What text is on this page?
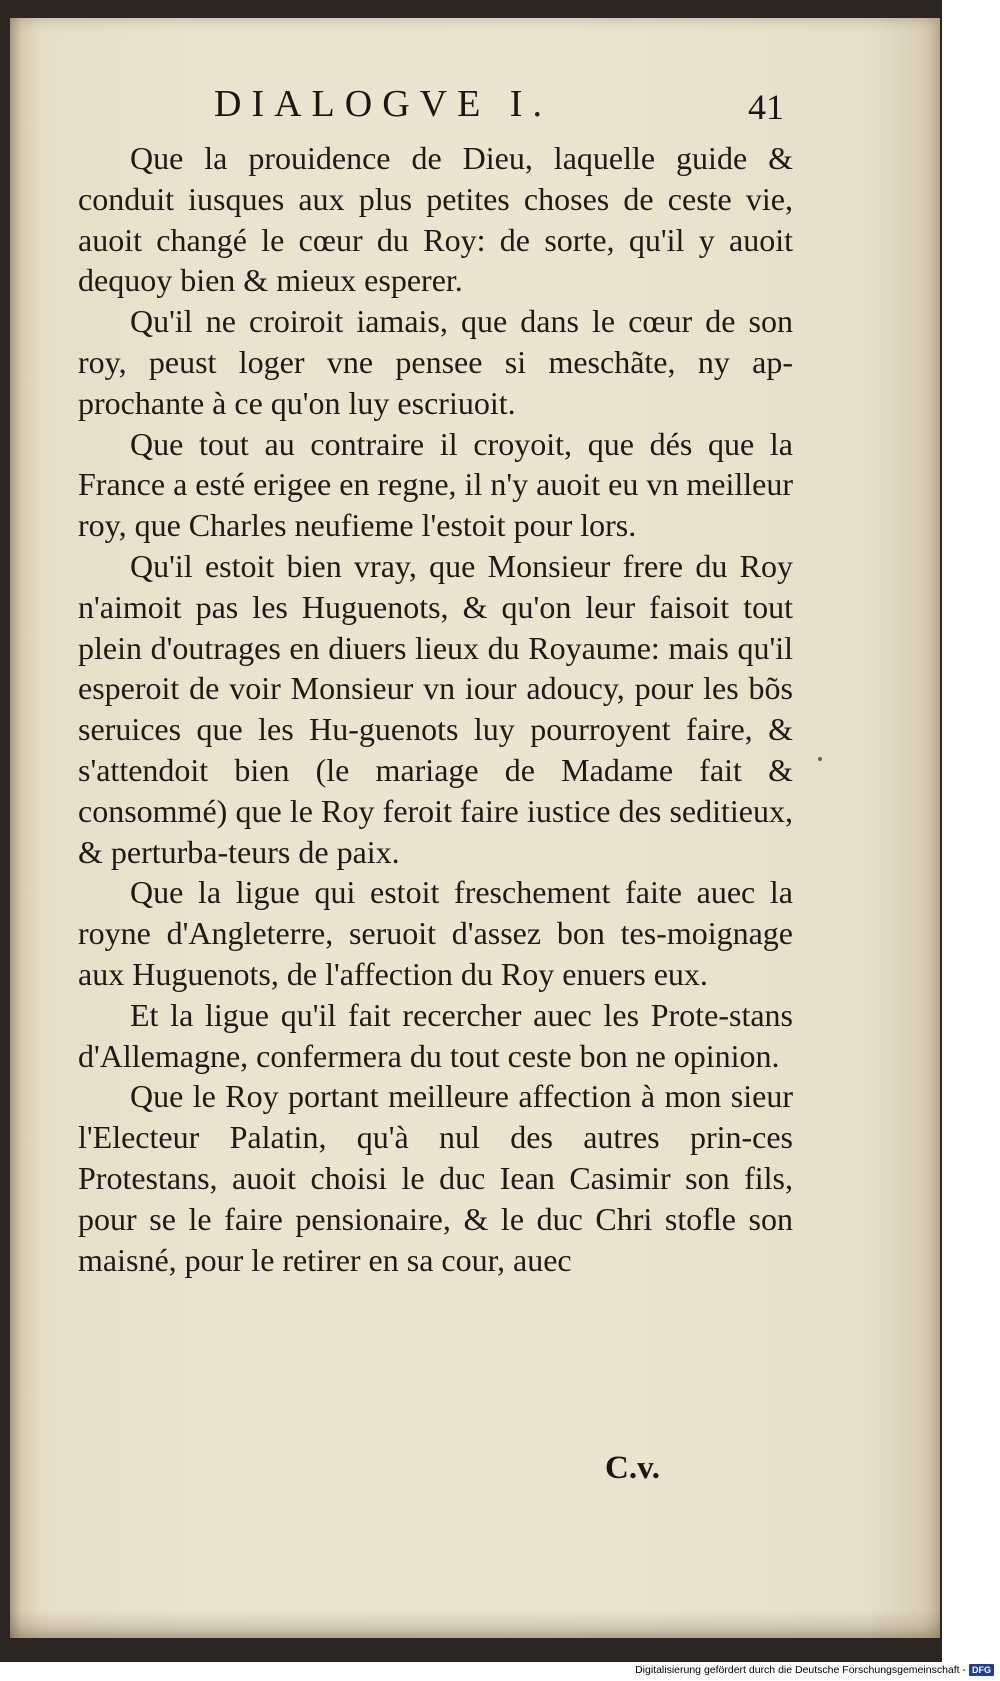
DIALOGVE I.	41

Que la prouidence de Dieu, laquelle guide & conduit iusques aux plus petites choses de ceste vie, auoit changé le cœur du Roy: de sorte, qu'il y auoit dequoy bien & mieux esperer.

Qu'il ne croiroit iamais, que dans le cœur de son roy, peust loger vne pensee si meschãte, ny ap-prochante à ce qu'on luy escriuoit.

Que tout au contraire il croyoit, que dés que la France a esté erigee en regne, il n'y auoit eu vn meilleur roy, que Charles neufieme l'estoit pour lors.

Qu'il estoit bien vray, que Monsieur frere du Roy n'aimoit pas les Huguenots, & qu'on leur faisoit tout plein d'outrages en diuers lieux du Royaume: mais qu'il esperoit de voir Monsieur vn iour adoucy, pour les bõs seruices que les Hu-guenots luy pourroyent faire, & s'attendoit bien (le mariage de Madame fait & consommé) que le Roy feroit faire iustice des seditieux, & perturba-teurs de paix.

Que la ligue qui estoit freschement faite auec la royne d'Angleterre, seruoit d'assez bon tes-moignage aux Huguenots, de l'affection du Roy enuers eux.

Et la ligue qu'il fait recercher auec les Prote-stans d'Allemagne, confermera du tout ceste bon ne opinion.

Que le Roy portant meilleure affection à mon sieur l'Electeur Palatin, qu'à nul des autres prin-ces Protestans, auoit choisi le duc Iean Casimir son fils, pour se le faire pensionaire, & le duc Chri stofle son maisné, pour le retirer en sa cour, auec

C.v.
Digitalisierung gefördert durch die Deutsche Forschungsgemeinschaft - DFG
